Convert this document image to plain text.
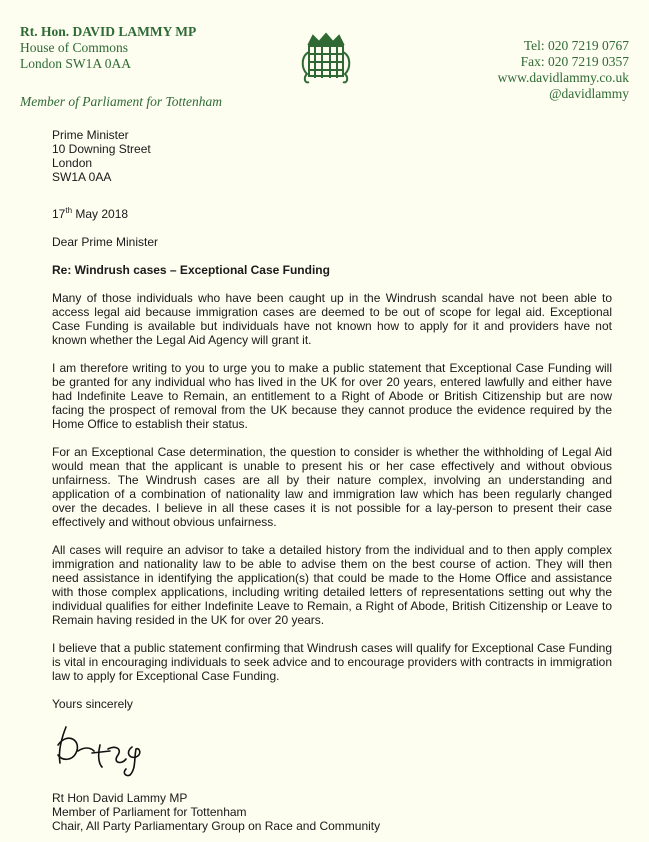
Rt. Hon. DAVID LAMMY MP
House of Commons
London SW1A 0AA
Member of Parliament for Tottenham
Tel: 020 7219 0767
Fax: 020 7219 0357
www.davidlammy.co.uk
@davidlammy
Prime Minister
10 Downing Street
London
SW1A 0AA
17th May 2018
Dear Prime Minister
Re: Windrush cases – Exceptional Case Funding

Many of those individuals who have been caught up in the Windrush scandal have not been able to access legal aid because immigration cases are deemed to be out of scope for legal aid. Exceptional Case Funding is available but individuals have not known how to apply for it and providers have not known whether the Legal Aid Agency will grant it.

I am therefore writing to you to urge you to make a public statement that Exceptional Case Funding will be granted for any individual who has lived in the UK for over 20 years, entered lawfully and either have had Indefinite Leave to Remain, an entitlement to a Right of Abode or British Citizenship but are now facing the prospect of removal from the UK because they cannot produce the evidence required by the Home Office to establish their status.

For an Exceptional Case determination, the question to consider is whether the withholding of Legal Aid would mean that the applicant is unable to present his or her case effectively and without obvious unfairness. The Windrush cases are all by their nature complex, involving an understanding and application of a combination of nationality law and immigration law which has been regularly changed over the decades. I believe in all these cases it is not possible for a lay-person to present their case effectively and without obvious unfairness.

All cases will require an advisor to take a detailed history from the individual and to then apply complex immigration and nationality law to be able to advise them on the best course of action. They will then need assistance in identifying the application(s) that could be made to the Home Office and assistance with those complex applications, including writing detailed letters of representations setting out why the individual qualifies for either Indefinite Leave to Remain, a Right of Abode, British Citizenship or Leave to Remain having resided in the UK for over 20 years.

I believe that a public statement confirming that Windrush cases will qualify for Exceptional Case Funding is vital in encouraging individuals to seek advice and to encourage providers with contracts in immigration law to apply for Exceptional Case Funding.

Yours sincerely
Rt Hon David Lammy MP
Member of Parliament for Tottenham
Chair, All Party Parliamentary Group on Race and Community
